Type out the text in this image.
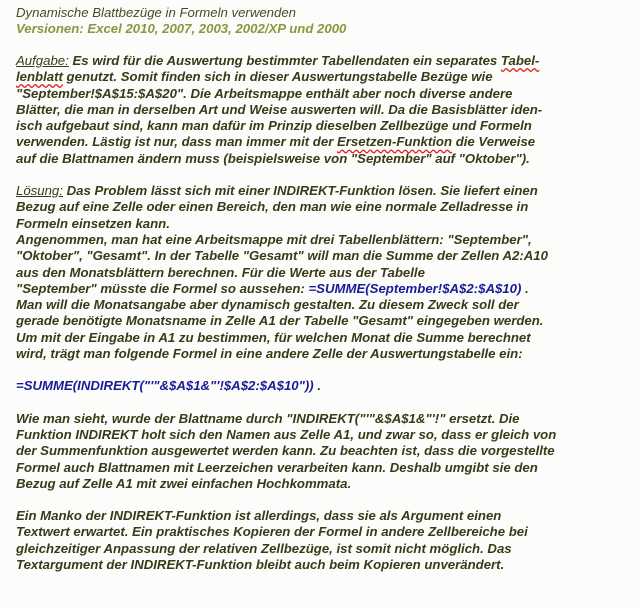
Dynamische Blattbezüge in Formeln verwenden

Versionen: Excel 2010, 2007, 2003, 2002/XP und 2000

Aufgabe: Es wird für die Auswertung bestimmter Tabellendaten ein separates Tabel-
lenblatt genutzt. Somit finden sich in dieser Auswertungstabelle Bezüge wie
"September!$A$15:$A$20". Die Arbeitsmappe enthält aber noch diverse andere
Blätter, die man in derselben Art und Weise auswerten will. Da die Basisblätter iden-
isch aufgebaut sind, kann man dafür im Prinzip dieselben Zellbezüge und Formeln
verwenden. Lästig ist nur, dass man immer mit der Ersetzen-Funktion die Verweise
auf die Blattnamen ändern muss (beispielsweise von "September" auf "Oktober").
Lösung: Das Problem lässt sich mit einer INDIREKT-Funktion lösen. Sie liefert einen
Bezug auf eine Zelle oder einen Bereich, den man wie eine normale Zelladresse in
Formeln einsetzen kann.
Angenommen, man hat eine Arbeitsmappe mit drei Tabellenblättern: "September",
"Oktober", "Gesamt". In der Tabelle "Gesamt" will man die Summe der Zellen A2:A10
aus den Monatsblättern berechnen. Für die Werte aus der Tabelle
"September" müsste die Formel so aussehen: =SUMME(September!$A$2:$A$10) .
Man will die Monatsangabe aber dynamisch gestalten. Zu diesem Zweck soll der
gerade benötigte Monatsname in Zelle A1 der Tabelle "Gesamt" eingegeben werden.
Um mit der Eingabe in A1 zu bestimmen, für welchen Monat die Summe berechnet
wird, trägt man folgende Formel in eine andere Zelle der Auswertungstabelle ein:

=SUMME(INDIREKT("'"&$A$1&"'!$A$2:$A$10")) .

Wie man sieht, wurde der Blattname durch "INDIREKT("'"&$A$1&"'!" ersetzt. Die
Funktion INDIREKT holt sich den Namen aus Zelle A1, und zwar so, dass er gleich von
der Summenfunktion ausgewertet werden kann. Zu beachten ist, dass die vorgestellte
Formel auch Blattnamen mit Leerzeichen verarbeiten kann. Deshalb umgibt sie den
Bezug auf Zelle A1 mit zwei einfachen Hochkommata.
Ein Manko der INDIREKT-Funktion ist allerdings, dass sie als Argument einen
Textwert erwartet. Ein praktisches Kopieren der Formel in andere Zellbereiche bei
gleichzeitiger Anpassung der relativen Zellbezüge, ist somit nicht möglich. Das
Textargument der INDIREKT-Funktion bleibt auch beim Kopieren unverändert.
